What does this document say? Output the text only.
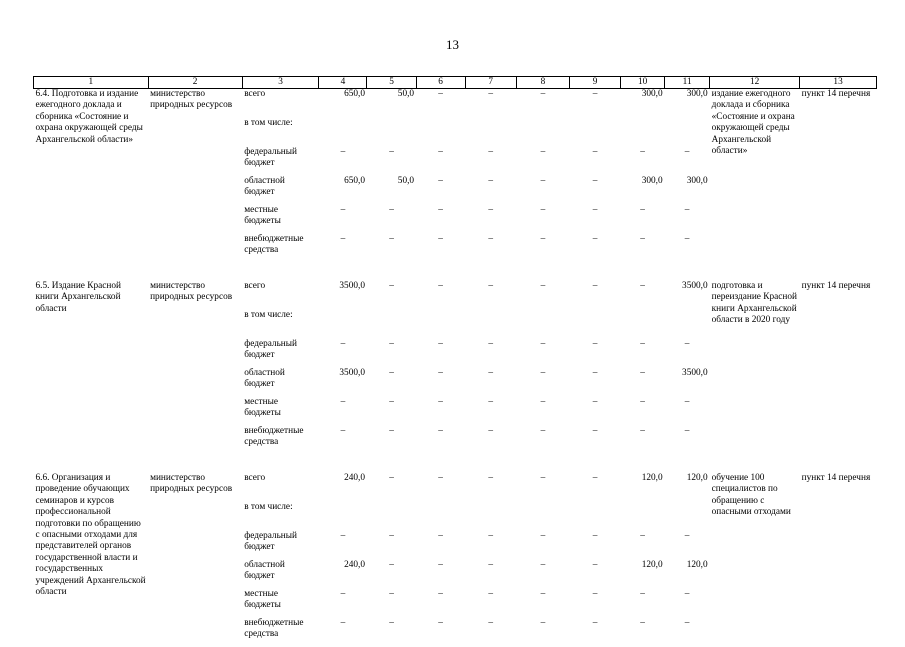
13
1	2	3	4	5	6	7	8	9	10	11	12	13
6.4. Подготовка и издание ежегодного доклада и сборника «Состояние и охрана окружающей среды Архангельской области»	министерство природных ресурсов	всего	650,0	50,0	–	–	–	–	300,0	300,0	издание ежегодного доклада и сборника «Состояние и охрана окружающей среды Архангельской области»	пункт 14 перечня
		в том числе:										
		федеральный бюджет	–	–	–	–	–	–	–	–		
		областной бюджет	650,0	50,0	–	–	–	–	300,0	300,0		
		местные бюджеты	–	–	–	–	–	–	–	–		
		внебюджетные средства	–	–	–	–	–	–	–	–		

6.5. Издание Красной книги Архангельской области	министерство природных ресурсов	всего	3500,0	–	–	–	–	–	–	3500,0	подготовка и переиздание Красной книги Архангельской области в 2020 году	пункт 14 перечня
		в том числе:										
		федеральный бюджет	–	–	–	–	–	–	–	–		
		областной бюджет	3500,0	–	–	–	–	–	–	3500,0		
		местные бюджеты	–	–	–	–	–	–	–	–		
		внебюджетные средства	–	–	–	–	–	–	–	–		

6.6. Организация и проведение обучающих семинаров и курсов профессиональной подготовки по обращению с опасными отходами для представителей органов государственной власти и государственных учреждений Архангельской области	министерство природных ресурсов	всего	240,0	–	–	–	–	–	120,0	120,0	обучение 100 специалистов по обращению с опасными отходами	пункт 14 перечня
		в том числе:										
		федеральный бюджет	–	–	–	–	–	–	–	–		
		областной бюджет	240,0	–	–	–	–	–	120,0	120,0		
		местные бюджеты	–	–	–	–	–	–	–	–		
		внебюджетные средства	–	–	–	–	–	–	–	–		
